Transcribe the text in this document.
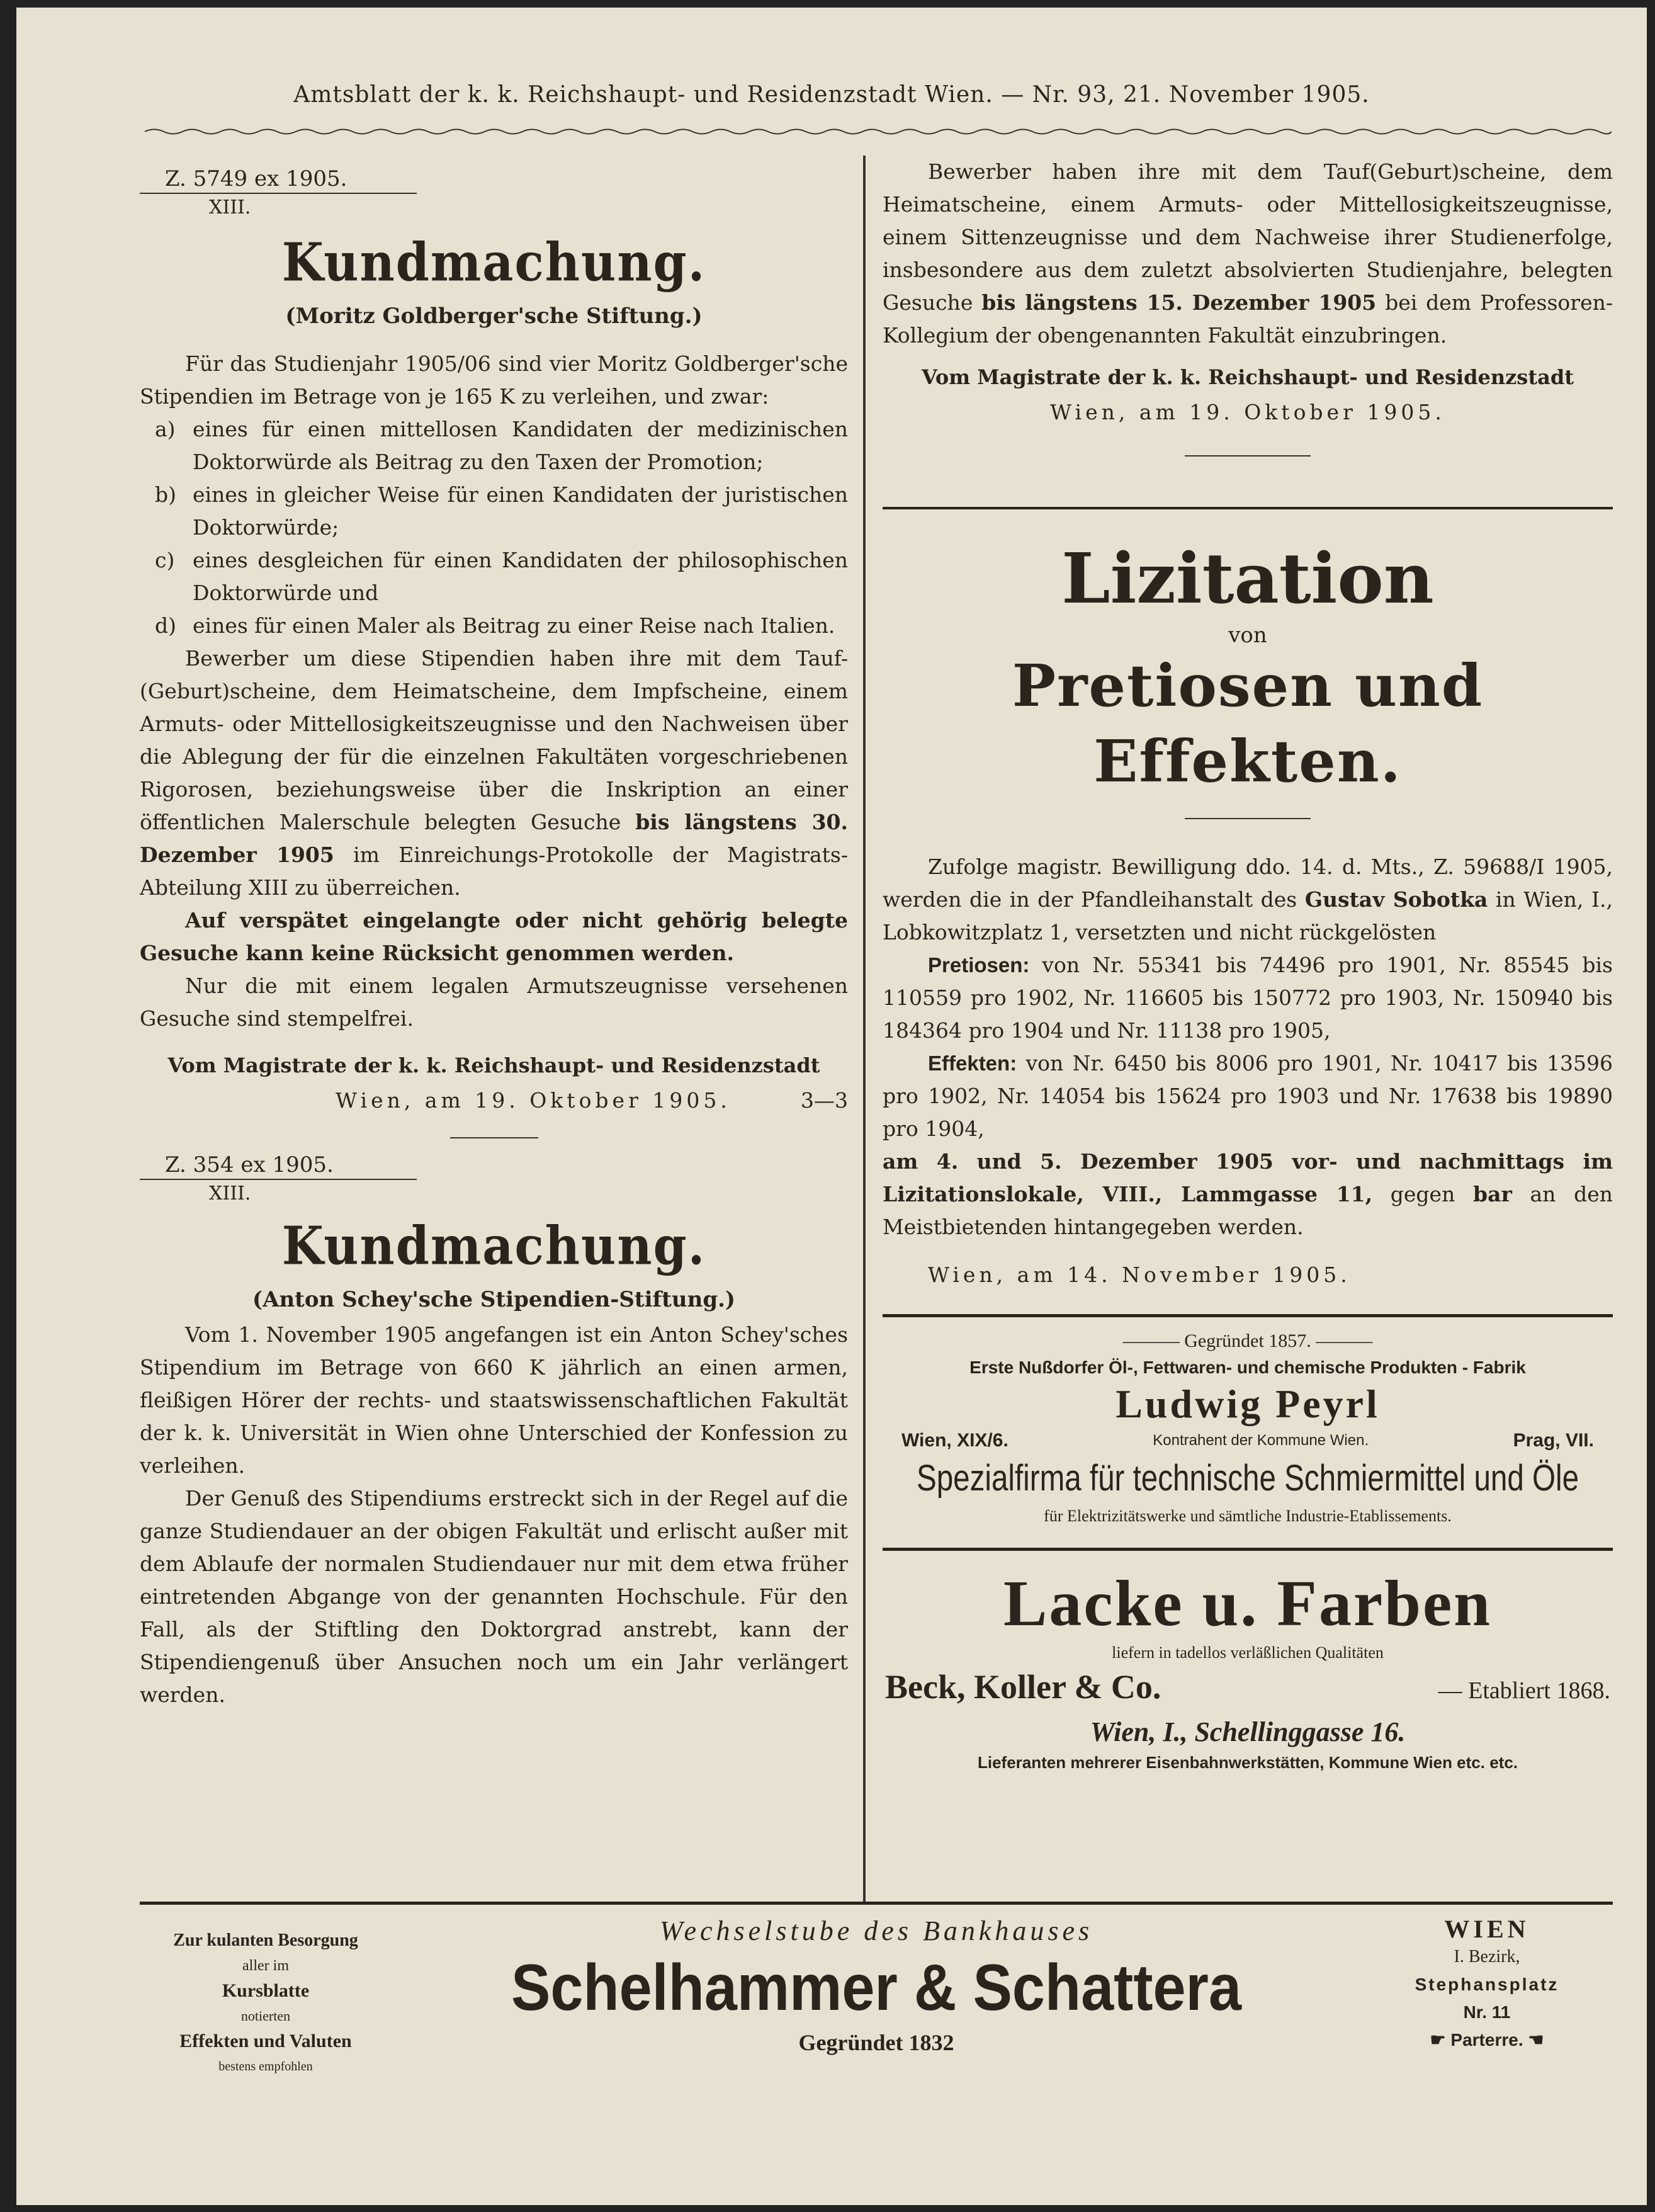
Amtsblatt der k. k. Reichshaupt- und Residenzstadt Wien. — Nr. 93, 21. November 1905.
Z. 5749 ex 1905.
XIII.
Kundmachung.
(Moritz Goldberger'sche Stiftung.)

Für das Studienjahr 1905/06 sind vier Moritz Goldberger'sche Stipendien im Betrage von je 165 K zu verleihen, und zwar:

a) eines für einen mittellosen Kandidaten der medizinischen Doktorwürde als Beitrag zu den Taxen der Promotion;
b) eines in gleicher Weise für einen Kandidaten der juristischen Doktorwürde;
c) eines desgleichen für einen Kandidaten der philosophischen Doktorwürde und
d) eines für einen Maler als Beitrag zu einer Reise nach Italien.

Bewerber um diese Stipendien haben ihre mit dem Tauf-(Geburt)scheine, dem Heimatscheine, dem Impfscheine, einem Armuts- oder Mittellosigkeitszeugnisse und den Nachweisen über die Ablegung der für die einzelnen Fakultäten vorgeschriebenen Rigorosen, beziehungsweise über die Inskription an einer öffentlichen Malerschule belegten Gesuche bis längstens 30. Dezember 1905 im Einreichungs-Protokolle der Magistrats-Abteilung XIII zu überreichen.

Auf verspätet eingelangte oder nicht gehörig belegte Gesuche kann keine Rücksicht genommen werden.

Nur die mit einem legalen Armutszeugnisse versehenen Gesuche sind stempelfrei.

Vom Magistrate der k. k. Reichshaupt- und Residenzstadt
Wien, am 19. Oktober 1905.	3—3
Z. 354 ex 1905.
XIII.
Kundmachung.
(Anton Schey'sche Stipendien-Stiftung.)

Vom 1. November 1905 angefangen ist ein Anton Schey'sches Stipendium im Betrage von 660 K jährlich an einen armen, fleißigen Hörer der rechts- und staatswissenschaftlichen Fakultät der k. k. Universität in Wien ohne Unterschied der Konfession zu verleihen.

Der Genuß des Stipendiums erstreckt sich in der Regel auf die ganze Studiendauer an der obigen Fakultät und erlischt außer mit dem Ablaufe der normalen Studiendauer nur mit dem etwa früher eintretenden Abgange von der genannten Hochschule. Für den Fall, als der Stiftling den Doktorgrad anstrebt, kann der Stipendiengenuß über Ansuchen noch um ein Jahr verlängert werden.

Bewerber haben ihre mit dem Tauf(Geburt)scheine, dem Heimatscheine, einem Armuts- oder Mittellosigkeitszeugnisse, einem Sittenzeugnisse und dem Nachweise ihrer Studienerfolge, insbesondere aus dem zuletzt absolvierten Studienjahre, belegten Gesuche bis längstens 15. Dezember 1905 bei dem Professoren-Kollegium der obengenannten Fakultät einzubringen.

Vom Magistrate der k. k. Reichshaupt- und Residenzstadt
Wien, am 19. Oktober 1905.
Lizitation
von
Pretiosen und Effekten.

Zufolge magistr. Bewilligung ddo. 14. d. Mts., Z. 59688/I 1905, werden die in der Pfandleihanstalt des Gustav Sobotka in Wien, I., Lobkowitzplatz 1, versetzten und nicht rückgelösten

Pretiosen: von Nr. 55341 bis 74496 pro 1901, Nr. 85545 bis 110559 pro 1902, Nr. 116605 bis 150772 pro 1903, Nr. 150940 bis 184364 pro 1904 und Nr. 11138 pro 1905,

Effekten: von Nr. 6450 bis 8006 pro 1901, Nr. 10417 bis 13596 pro 1902, Nr. 14054 bis 15624 pro 1903 und Nr. 17638 bis 19890 pro 1904,

am 4. und 5. Dezember 1905 vor- und nachmittags im Lizitationslokale, VIII., Lammgasse 11, gegen bar an den Meistbietenden hintangegeben werden.

Wien, am 14. November 1905.

——— Gegründet 1857. ———
Erste Nußdorfer Öl-, Fettwaren- und chemische Produkten - Fabrik
Ludwig Peyrl
Wien, XIX/6.	Kontrahent der Kommune Wien.	Prag, VII.
Spezialfirma für technische Schmiermittel und Öle
für Elektrizitätswerke und sämtliche Industrie-Etablissements.
Lacke u. Farben
liefern in tadellos verläßlichen Qualitäten
Beck, Koller & Co.	— Etabliert 1868.
Wien, I., Schellinggasse 16.
Lieferanten mehrerer Eisenbahnwerkstätten, Kommune Wien etc. etc.
Zur kulanten Besorgung
aller im
Kursblatte
notierten
Effekten und Valuten
bestens empfohlen
Wechselstube des Bankhauses
Schelhammer & Schattera
Gegründet 1832
WIEN
I. Bezirk,
Stephansplatz
Nr. 11
☛ Parterre. ☚
